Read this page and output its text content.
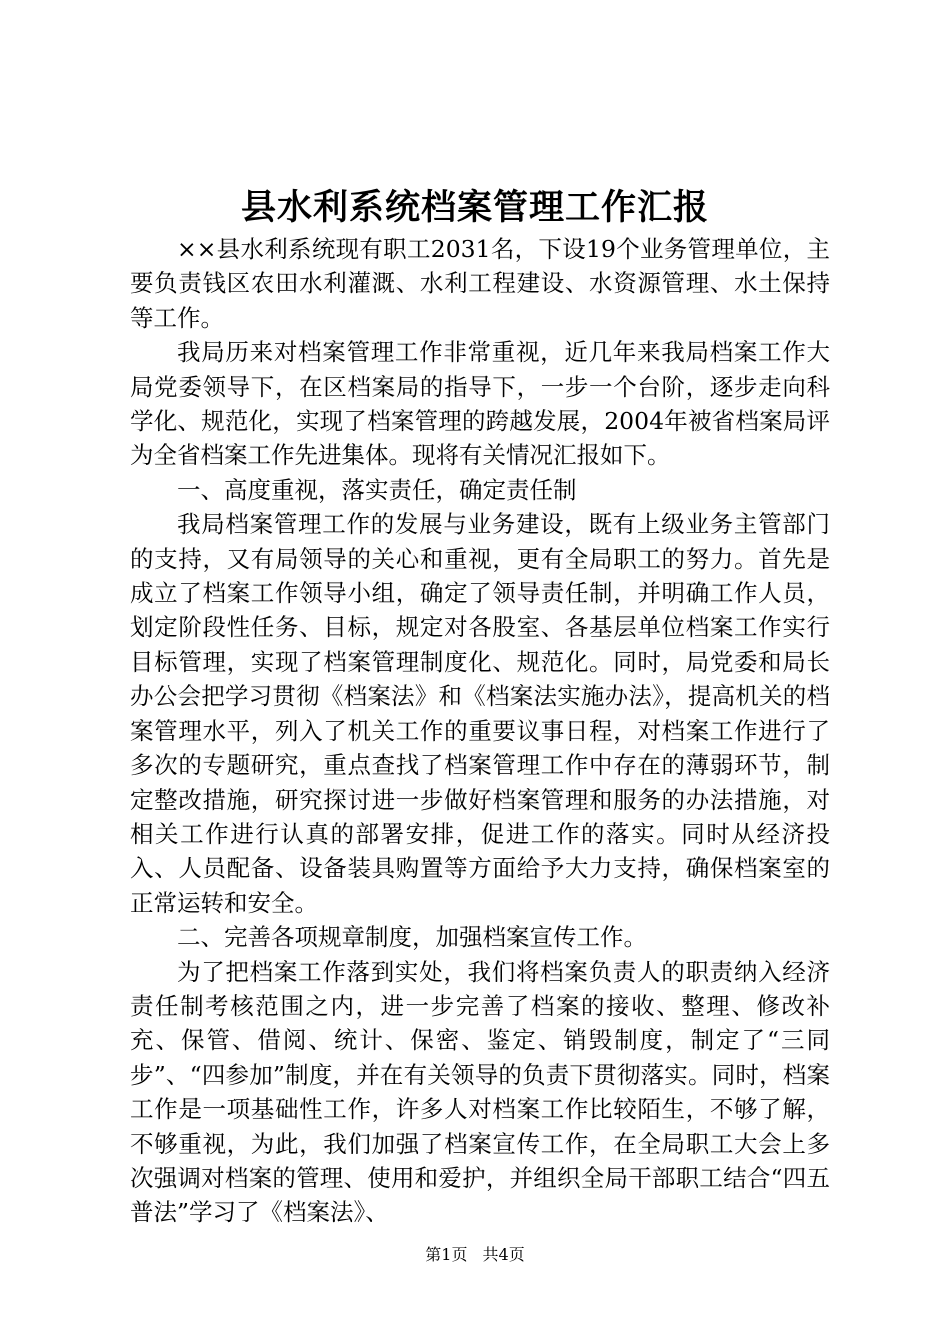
县水利系统档案管理工作汇报

××县水利系统现有职工2031名，下设19个业务管理单位，主要负责钱区农田水利灌溉、水利工程建设、水资源管理、水土保持等工作。

我局历来对档案管理工作非常重视，近几年来我局档案工作大局党委领导下，在区档案局的指导下，一步一个台阶，逐步走向科学化、规范化，实现了档案管理的跨越发展，2004年被省档案局评为全省档案工作先进集体。现将有关情况汇报如下。

一、高度重视，落实责任，确定责任制

我局档案管理工作的发展与业务建设，既有上级业务主管部门的支持，又有局领导的关心和重视，更有全局职工的努力。首先是成立了档案工作领导小组，确定了领导责任制，并明确工作人员，划定阶段性任务、目标，规定对各股室、各基层单位档案工作实行目标管理，实现了档案管理制度化、规范化。同时，局党委和局长办公会把学习贯彻《档案法》和《档案法实施办法》，提高机关的档案管理水平，列入了机关工作的重要议事日程，对档案工作进行了多次的专题研究，重点查找了档案管理工作中存在的薄弱环节，制定整改措施，研究探讨进一步做好档案管理和服务的办法措施，对相关工作进行认真的部署安排，促进工作的落实。同时从经济投入、人员配备、设备装具购置等方面给予大力支持，确保档案室的正常运转和安全。

二、完善各项规章制度，加强档案宣传工作。

为了把档案工作落到实处，我们将档案负责人的职责纳入经济责任制考核范围之内，进一步完善了档案的接收、整理、修改补充、保管、借阅、统计、保密、鉴定、销毁制度，制定了“三同步”、“四参加”制度，并在有关领导的负责下贯彻落实。同时，档案工作是一项基础性工作，许多人对档案工作比较陌生，不够了解，不够重视，为此，我们加强了档案宣传工作，在全局职工大会上多次强调对档案的管理、使用和爱护，并组织全局干部职工结合“四五普法”学习了《档案法》、

第1页 共4页
